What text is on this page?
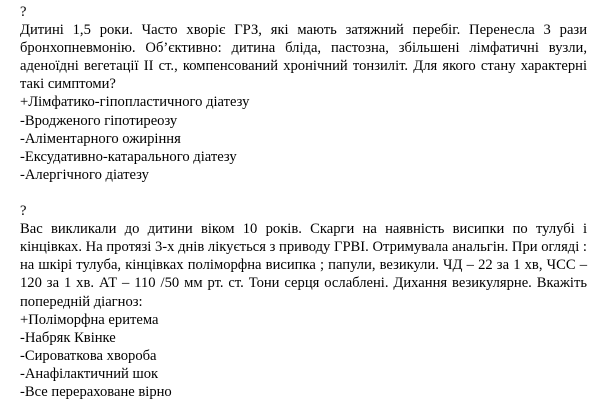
?
Дитині 1,5 роки. Часто хворіє ГРЗ, які мають затяжний перебіг. Перенесла 3 рази бронхопневмонію. Об’єктивно: дитина бліда, пастозна, збільшені лімфатичні вузли, аденоїдні вегетації ІІ ст., компенсований хронічний тонзиліт. Для якого стану характерні такі симптоми?
+Лімфатико-гіпопластичного діатезу
-Вродженого гіпотиреозу
-Аліментарного ожиріння
-Ексудативно-катарального діатезу
-Алергічного діатезу
?
Вас викликали до дитини віком 10 років. Скарги на наявність висипки по тулубі і кінцівках. На протязі 3-х днів лікується з приводу ГРВІ. Отримувала анальгін. При огляді : на шкірі тулуба, кінцівках поліморфна висипка ; папули, везикули. ЧД – 22 за 1 хв, ЧСС – 120 за 1 хв. АТ – 110 /50 мм рт. ст. Тони серця ослаблені. Дихання везикулярне. Вкажіть попередній діагноз:
+Поліморфна еритема
-Набряк Квінке
-Сироваткова хвороба
-Анафілактичний шок
-Все перераховане вірно
